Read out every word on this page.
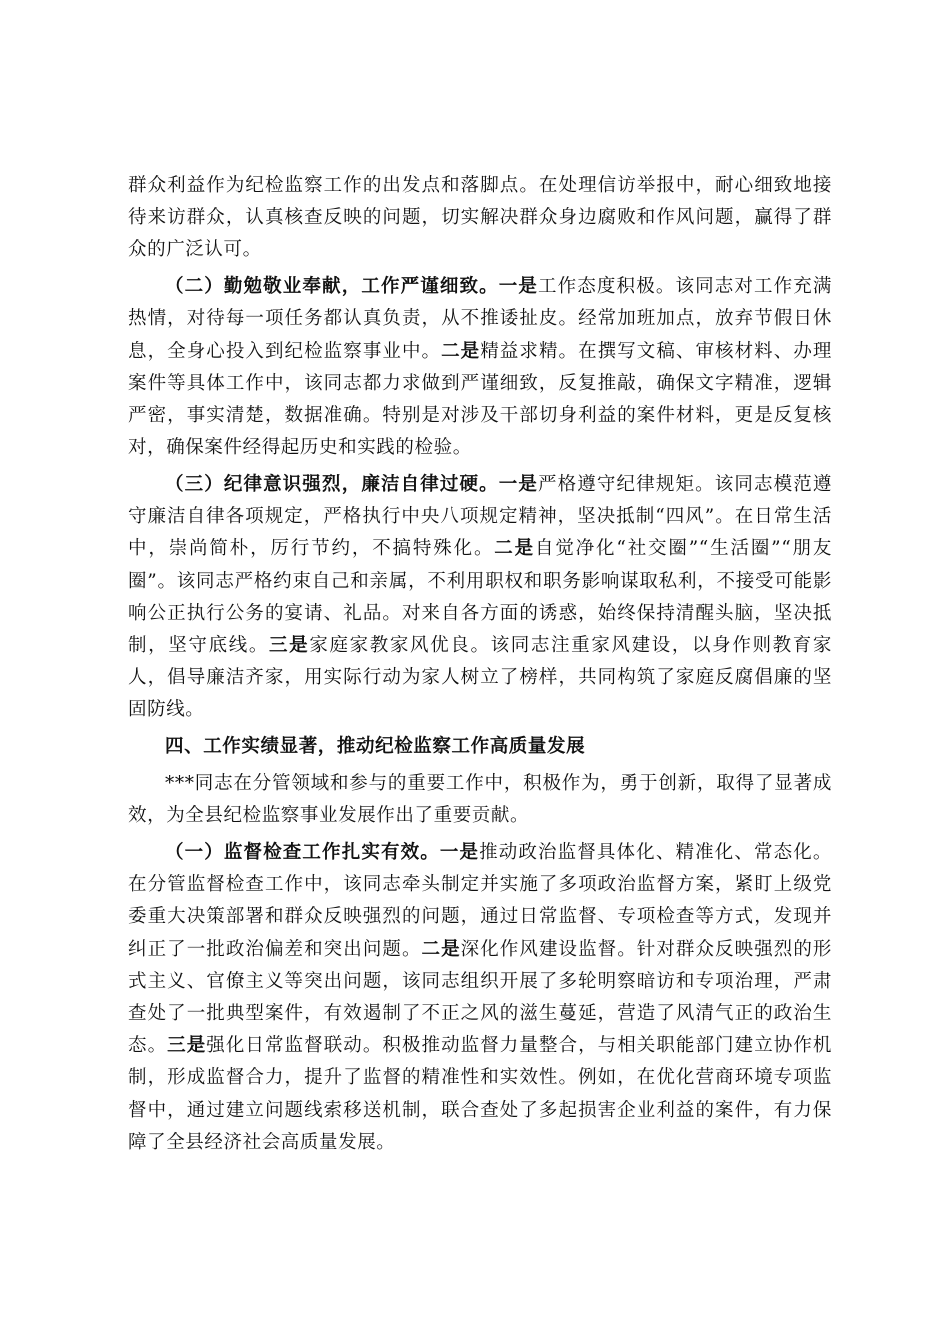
群众利益作为纪检监察工作的出发点和落脚点。在处理信访举报中，耐心细致地接待来访群众，认真核查反映的问题，切实解决群众身边腐败和作风问题，赢得了群众的广泛认可。

（二）勤勉敬业奉献，工作严谨细致。一是工作态度积极。该同志对工作充满热情，对待每一项任务都认真负责，从不推诿扯皮。经常加班加点，放弃节假日休息，全身心投入到纪检监察事业中。二是精益求精。在撰写文稿、审核材料、办理案件等具体工作中，该同志都力求做到严谨细致，反复推敲，确保文字精准，逻辑严密，事实清楚，数据准确。特别是对涉及干部切身利益的案件材料，更是反复核对，确保案件经得起历史和实践的检验。

（三）纪律意识强烈，廉洁自律过硬。一是严格遵守纪律规矩。该同志模范遵守廉洁自律各项规定，严格执行中央八项规定精神，坚决抵制“四风”。在日常生活中，崇尚简朴，厉行节约，不搞特殊化。二是自觉净化“社交圈”“生活圈”“朋友圈”。该同志严格约束自己和亲属，不利用职权和职务影响谋取私利，不接受可能影响公正执行公务的宴请、礼品。对来自各方面的诱惑，始终保持清醒头脑，坚决抵制，坚守底线。三是家庭家教家风优良。该同志注重家风建设，以身作则教育家人，倡导廉洁齐家，用实际行动为家人树立了榜样，共同构筑了家庭反腐倡廉的坚固防线。

四、工作实绩显著，推动纪检监察工作高质量发展

***同志在分管领域和参与的重要工作中，积极作为，勇于创新，取得了显著成效，为全县纪检监察事业发展作出了重要贡献。

（一）监督检查工作扎实有效。一是推动政治监督具体化、精准化、常态化。在分管监督检查工作中，该同志牵头制定并实施了多项政治监督方案，紧盯上级党委重大决策部署和群众反映强烈的问题，通过日常监督、专项检查等方式，发现并纠正了一批政治偏差和突出问题。二是深化作风建设监督。针对群众反映强烈的形式主义、官僚主义等突出问题，该同志组织开展了多轮明察暗访和专项治理，严肃查处了一批典型案件，有效遏制了不正之风的滋生蔓延，营造了风清气正的政治生态。三是强化日常监督联动。积极推动监督力量整合，与相关职能部门建立协作机制，形成监督合力，提升了监督的精准性和实效性。例如，在优化营商环境专项监督中，通过建立问题线索移送机制，联合查处了多起损害企业利益的案件，有力保障了全县经济社会高质量发展。
